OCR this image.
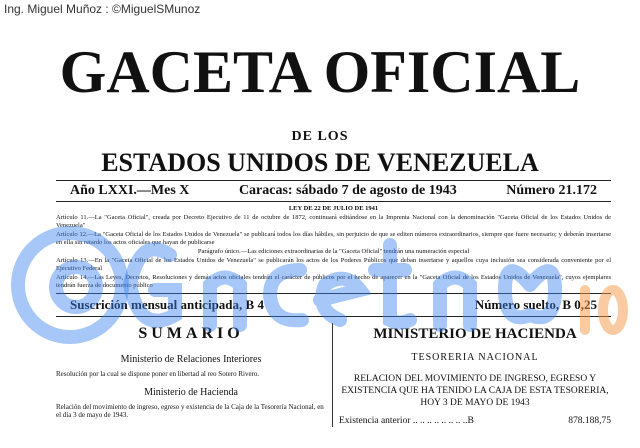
Ing. Miguel Muñoz : ©MiguelSMunoz
GACETA OFICIAL
DE LOS
ESTADOS UNIDOS DE VENEZUELA
Año LXXI.—Mes X	Caracas: sábado 7 de agosto de 1943	Número 21.172

LEY DE 22 DE JULIO DE 1941

Artículo 11.—La "Gaceta Oficial", creada por Decreto Ejecutivo de 11 de octubre de 1872, continuará editándose en la Imprenta Nacional con la denominación "Gaceta Oficial de los Estados Unidos de Venezuela"

Artículo 12.—La "Gaceta Oficial de los Estados Unidos de Venezuela" se publicará todos los días hábiles, sin perjuicio de que se editen números extraordinarios, siempre que fuere necesario; y deberán insertarse en ella sin retardo los actos oficiales que hayan de publicarse

Parágrafo único.—Las ediciones extraordinarias de la "Gaceta Oficial" tendrán una numeración especial

Artículo 13.—En la "Gaceta Oficial de los Estados Unidos de Venezuela" se publicarán los actos de los Poderes Públicos que deban insertarse y aquellos cuya inclusión sea considerada conveniente por el Ejecutivo Federal

Artículo 14.—Las Leyes, Decretos, Resoluciones y demás actos oficiales tendrán el carácter de públicos por el hecho de aparecer en la "Gaceta Oficial de los Estados Unidos de Venezuela", cuyos ejemplares tendrán fuerza de documento público

Suscrición mensual anticipada, B 4	Número suelto, B 0,25
SUMARIO
Ministerio de Relaciones Interiores
Resolución por la cual se dispone poner en libertad al reo Sotero Rivero.
Ministerio de Hacienda
Relación del movimiento de ingreso, egreso y existencia de la Caja de la Tesorería Nacional, en el día 3 de mayo de 1943.
MINISTERIO DE HACIENDA
TESORERIA NACIONAL
RELACION DEL MOVIMIENTO DE INGRESO, EGRESO Y EXISTENCIA QUE HA TENIDO LA CAJA DE ESTA TESORERIA, HOY 3 DE MAYO DE 1943
Existencia anterior .. .. .. .. .. .. .. ..B	878.188,75
